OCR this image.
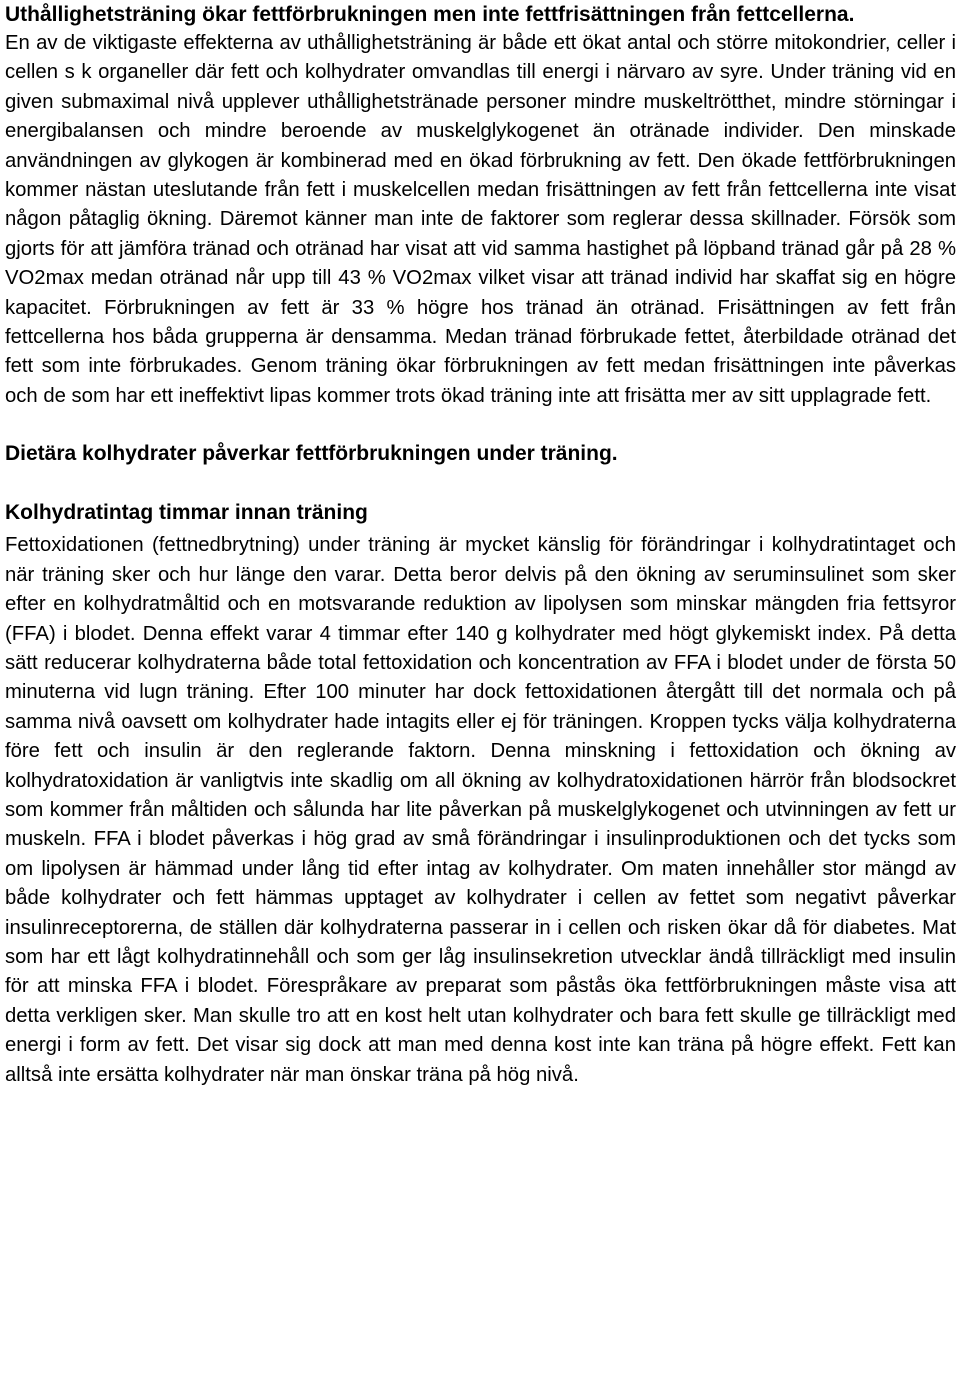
Uthållighetsträning ökar fettförbrukningen men inte fettfrisättningen från fettcellerna.

En av de viktigaste effekterna av uthållighetsträning är både ett ökat antal och större mitokondrier, celler i cellen s k organeller där fett och kolhydrater omvandlas till energi i närvaro av syre. Under träning vid en given submaximal nivå upplever uthållighetstränade personer mindre muskeltrötthet, mindre störningar i energibalansen och mindre beroende av muskelglykogenet än otränade individer. Den minskade användningen av glykogen är kombinerad med en ökad förbrukning av fett. Den ökade fettförbrukningen kommer nästan uteslutande från fett i muskelcellen medan frisättningen av fett från fettcellerna inte visat någon påtaglig ökning. Däremot känner man inte de faktorer som reglerar dessa skillnader. Försök som gjorts för att jämföra tränad och otränad har visat att vid samma hastighet på löpband tränad går på 28 % VO2max medan otränad når upp till 43 % VO2max vilket visar att tränad individ har skaffat sig en högre kapacitet. Förbrukningen av fett är 33 % högre hos tränad än otränad. Frisättningen av fett från fettcellerna hos båda grupperna är densamma. Medan tränad förbrukade fettet, återbildade otränad det fett som inte förbrukades. Genom träning ökar förbrukningen av fett medan frisättningen inte påverkas och de som har ett ineffektivt lipas kommer trots ökad träning inte att frisätta mer av sitt upplagrade fett.

Dietära kolhydrater påverkar fettförbrukningen under träning.
Kolhydratintag timmar innan träning

Fettoxidationen (fettnedbrytning) under träning är mycket känslig för förändringar i kolhydratintaget och när träning sker och hur länge den varar. Detta beror delvis på den ökning av seruminsulinet som sker efter en kolhydratmåltid och en motsvarande reduktion av lipolysen som minskar mängden fria fettsyror (FFA) i blodet. Denna effekt varar 4 timmar efter 140 g kolhydrater med högt glykemiskt index. På detta sätt reducerar kolhydraterna både total fettoxidation och koncentration av FFA i blodet under de första 50 minuterna vid lugn träning. Efter 100 minuter har dock fettoxidationen återgått till det normala och på samma nivå oavsett om kolhydrater hade intagits eller ej för träningen. Kroppen tycks välja kolhydraterna före fett och insulin är den reglerande faktorn. Denna minskning i fettoxidation och ökning av kolhydratoxidation är vanligtvis inte skadlig om all ökning av kolhydratoxidationen härrör från blodsockret som kommer från måltiden och sålunda har lite påverkan på muskelglykogenet och utvinningen av fett ur muskeln. FFA i blodet påverkas i hög grad av små förändringar i insulinproduktionen och det tycks som om lipolysen är hämmad under lång tid efter intag av kolhydrater. Om maten innehåller stor mängd av både kolhydrater och fett hämmas upptaget av kolhydrater i cellen av fettet som negativt påverkar insulinreceptorerna, de ställen där kolhydraterna passerar in i cellen och risken ökar då för diabetes. Mat som har ett lågt kolhydratinnehåll och som ger låg insulinsekretion utvecklar ändå tillräckligt med insulin för att minska FFA i blodet. Förespråkare av preparat som påstås öka fettförbrukningen måste visa att detta verkligen sker. Man skulle tro att en kost helt utan kolhydrater och bara fett skulle ge tillräckligt med energi i form av fett. Det visar sig dock att man med denna kost inte kan träna på högre effekt. Fett kan alltså inte ersätta kolhydrater när man önskar träna på hög nivå.
